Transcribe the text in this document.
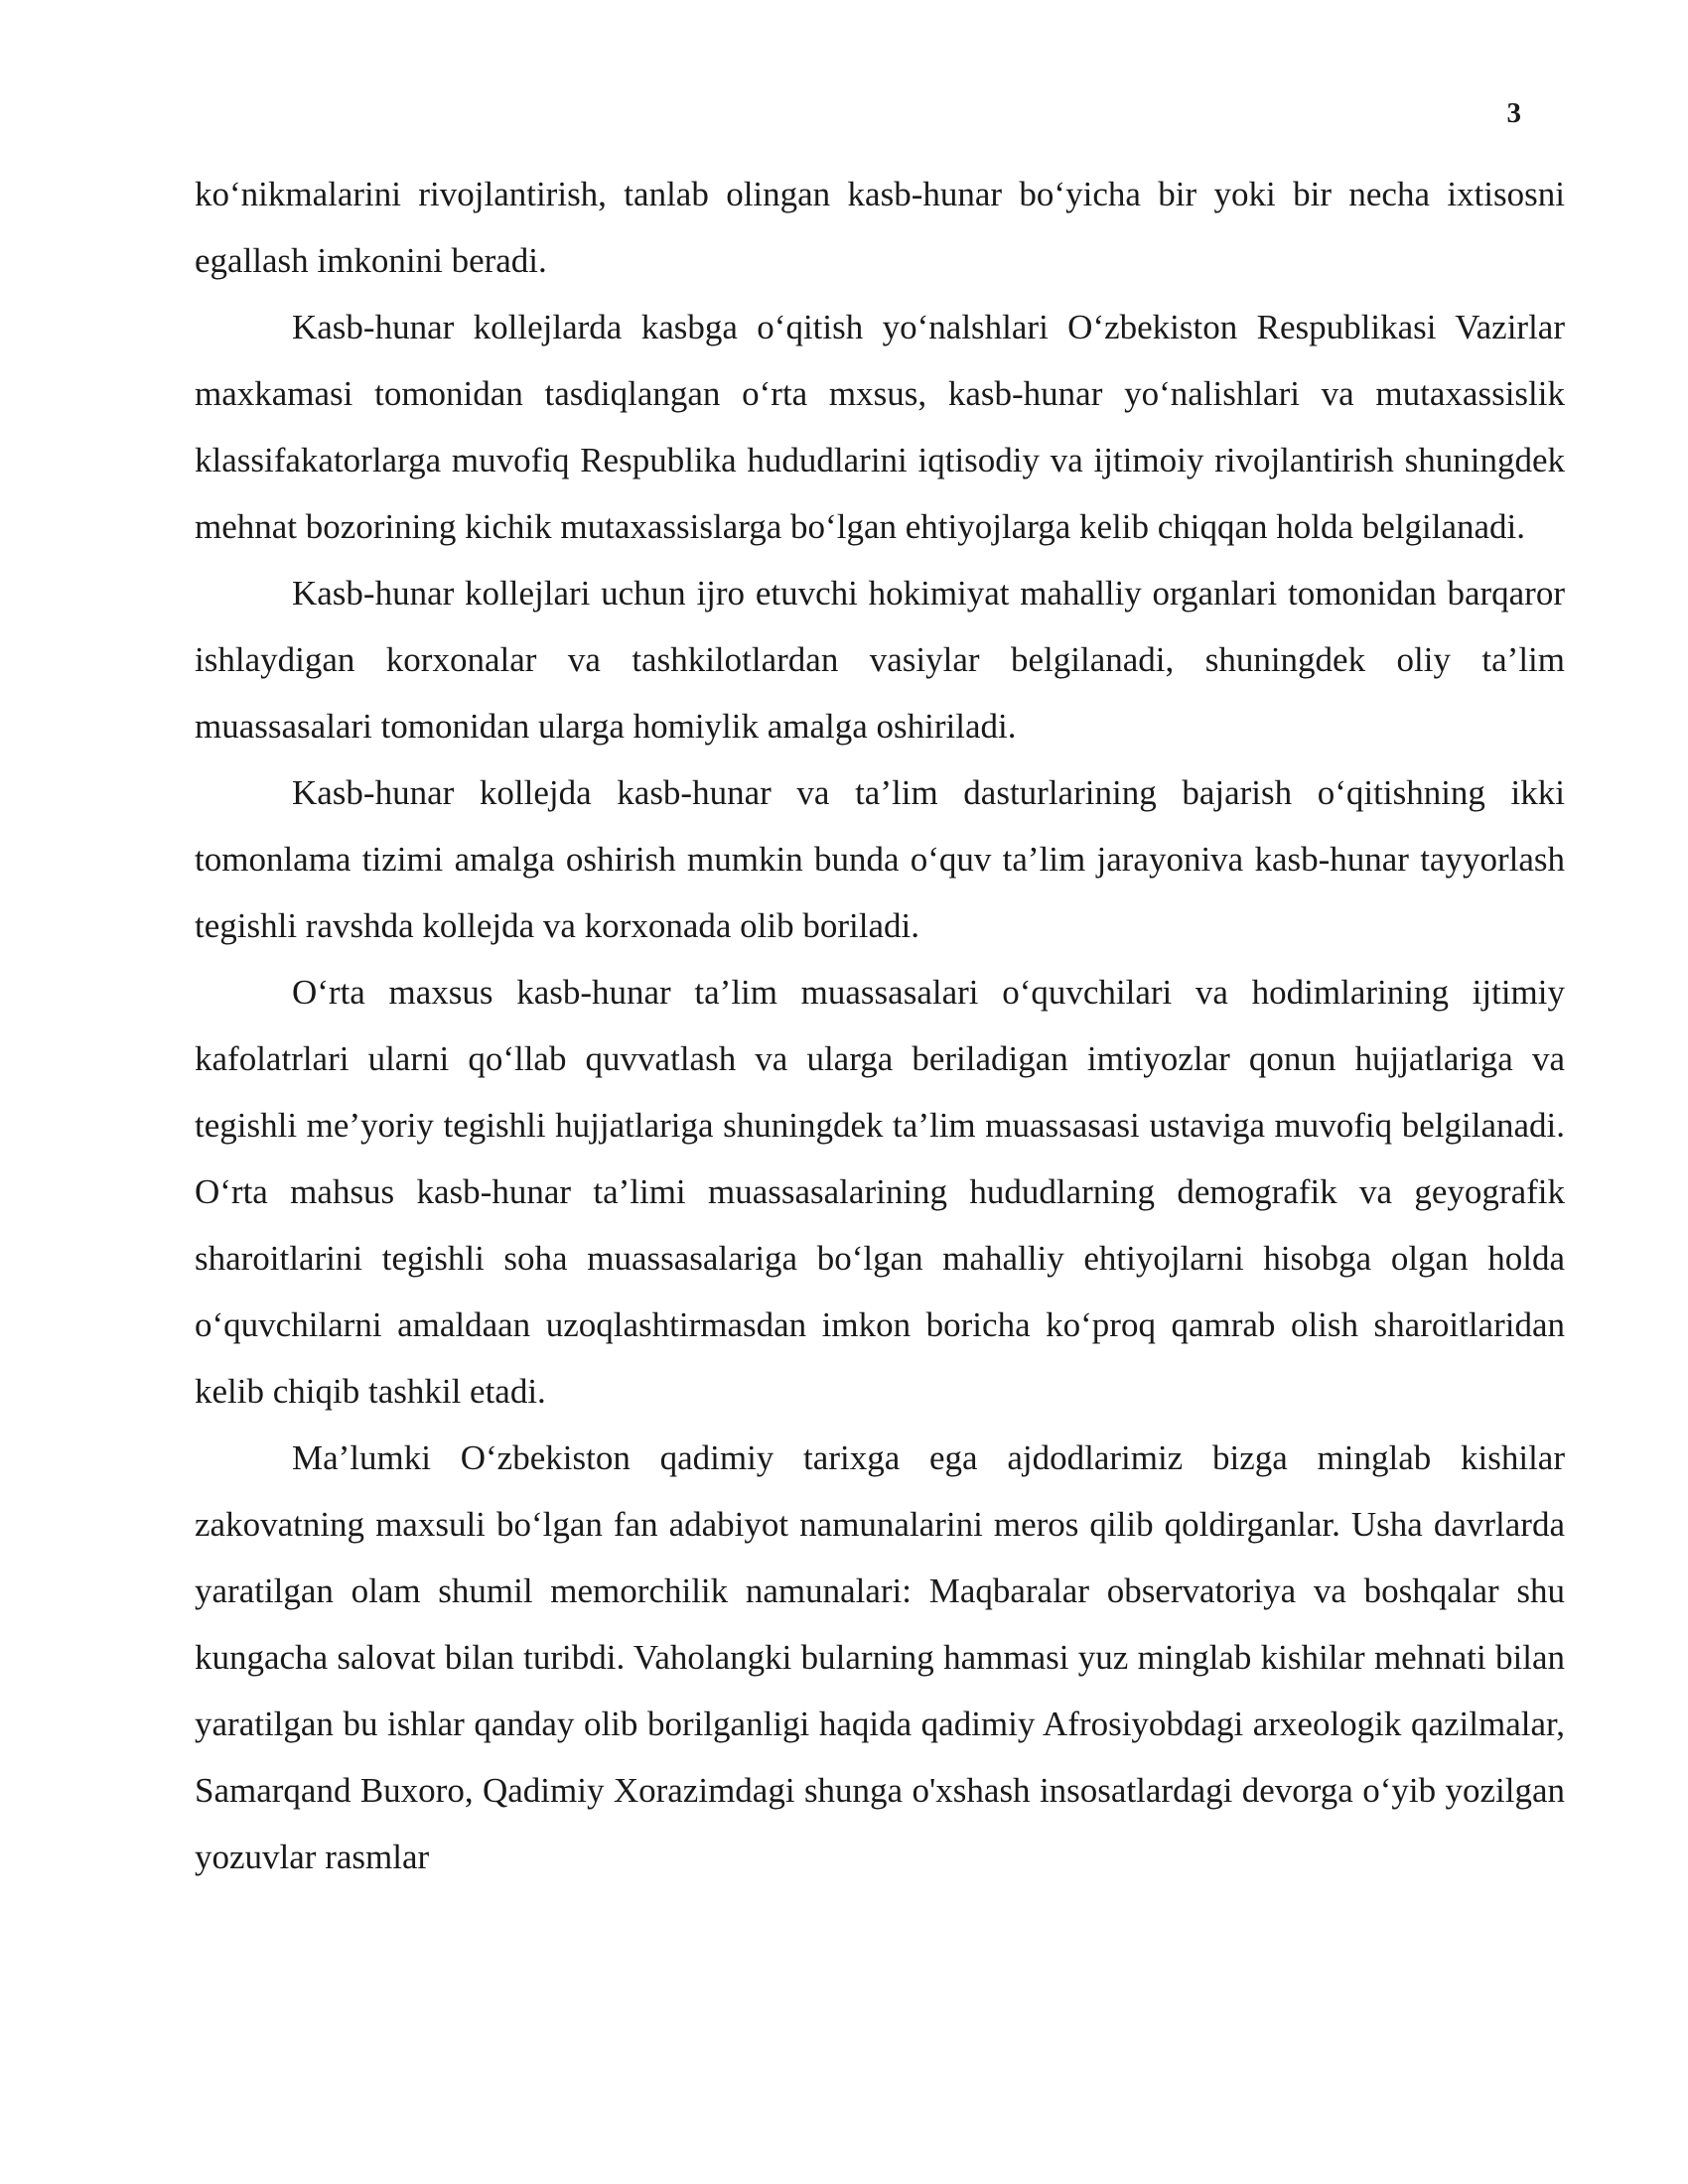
3

ko‘nikmalarini rivojlantirish, tanlab olingan kasb-hunar bo‘yicha bir yoki bir necha ixtisosni egallash imkonini beradi.

Kasb-hunar kollejlarda kasbga o‘qitish yo‘nalshlari O‘zbekiston Respublikasi Vazirlar maxkamasi tomonidan tasdiqlangan o‘rta mxsus, kasb-hunar yo‘nalishlari va mutaxassislik klassifakatorlarga muvofiq Respublika hududlarini iqtisodiy va ijtimoiy rivojlantirish shuningdek mehnat bozorining kichik mutaxassislarga bo‘lgan ehtiyojlarga kelib chiqqan holda belgilanadi.

Kasb-hunar kollejlari uchun ijro etuvchi hokimiyat mahalliy organlari tomonidan barqaror ishlaydigan korxonalar va tashkilotlardan vasiylar belgilanadi, shuningdek oliy ta’lim muassasalari tomonidan ularga homiylik amalga oshiriladi.

Kasb-hunar kollejda kasb-hunar va ta’lim dasturlarining bajarish o‘qitishning ikki tomonlama tizimi amalga oshirish mumkin bunda o‘quv ta’lim jarayoniva kasb-hunar tayyorlash tegishli ravshda kollejda va korxonada olib boriladi.

O‘rta maxsus kasb-hunar ta’lim muassasalari o‘quvchilari va hodimlarining ijtimiy kafolatrlari ularni qo‘llab quvvatlash va ularga beriladigan imtiyozlar qonun hujjatlariga va tegishli me’yoriy tegishli hujjatlariga shuningdek ta’lim muassasasi ustaviga muvofiq belgilanadi. O‘rta mahsus kasb-hunar ta’limi muassasalarining hududlarning demografik va geyografik sharoitlarini tegishli soha muassasalariga bo‘lgan mahalliy ehtiyojlarni hisobga olgan holda o‘quvchilarni amaldaan uzoqlashtirmasdan imkon boricha ko‘proq qamrab olish sharoitlaridan kelib chiqib tashkil etadi.

Ma’lumki O‘zbekiston qadimiy tarixga ega ajdodlarimiz bizga minglab kishilar zakovatning maxsuli bo‘lgan fan adabiyot namunalarini meros qilib qoldirganlar. Usha davrlarda yaratilgan olam shumil memorchilik namunalari: Maqbaralar observatoriya va boshqalar shu kungacha salovat bilan turibdi. Vaholangki bularning hammasi yuz minglab kishilar mehnati bilan yaratilgan bu ishlar qanday olib borilganligi haqida qadimiy Afrosiyobdagi arxeologik qazilmalar, Samarqand Buxoro, Qadimiy Xorazimdagi shunga o'xshash insosatlardagi devorga o‘yib yozilgan yozuvlar rasmlar
